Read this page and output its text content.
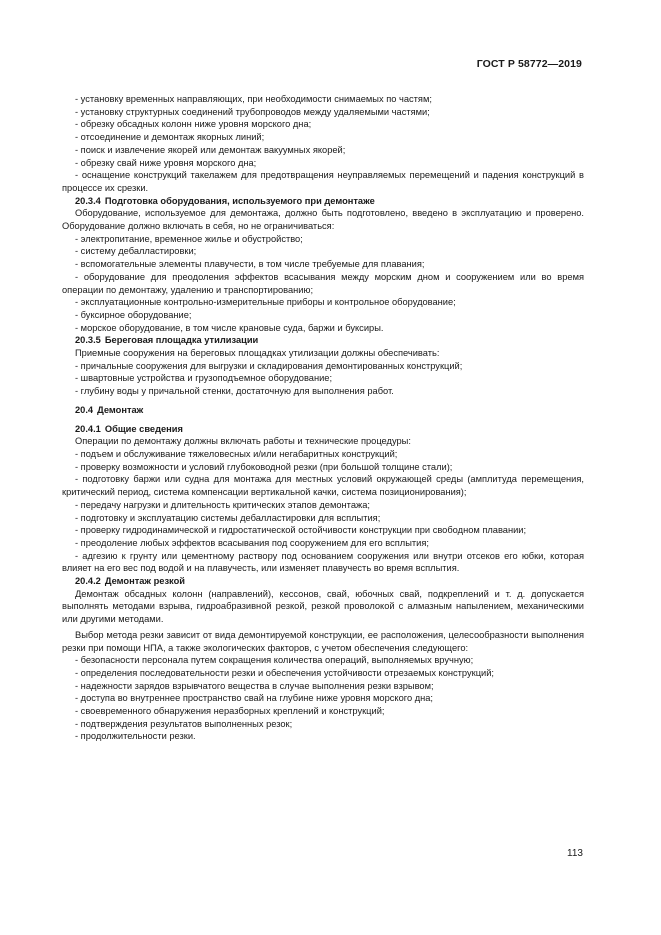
ГОСТ Р 58772—2019

- установку временных направляющих, при необходимости снимаемых по частям;

- установку структурных соединений трубопроводов между удаляемыми частями;

- обрезку обсадных колонн ниже уровня морского дна;

- отсоединение и демонтаж якорных линий;

- поиск и извлечение якорей или демонтаж вакуумных якорей;

- обрезку свай ниже уровня морского дна;

- оснащение конструкций такелажем для предотвращения неуправляемых перемещений и падения конструкций в процессе их срезки.

20.3.4 Подготовка оборудования, используемого при демонтаже

Оборудование, используемое для демонтажа, должно быть подготовлено, введено в эксплуатацию и проверено. Оборудование должно включать в себя, но не ограничиваться:

- электропитание, временное жилье и обустройство;

- систему дебалластировки;

- вспомогательные элементы плавучести, в том числе требуемые для плавания;

- оборудование для преодоления эффектов всасывания между морским дном и сооружением или во время операции по демонтажу, удалению и транспортированию;

- эксплуатационные контрольно-измерительные приборы и контрольное оборудование;

- буксирное оборудование;

- морское оборудование, в том числе крановые суда, баржи и буксиры.

20.3.5 Береговая площадка утилизации

Приемные сооружения на береговых площадках утилизации должны обеспечивать:

- причальные сооружения для выгрузки и складирования демонтированных конструкций;

- швартовные устройства и грузоподъемное оборудование;

- глубину воды у причальной стенки, достаточную для выполнения работ.

20.4 Демонтаж

20.4.1 Общие сведения

Операции по демонтажу должны включать работы и технические процедуры:

- подъем и обслуживание тяжеловесных и/или негабаритных конструкций;

- проверку возможности и условий глубоководной резки (при большой толщине стали);

- подготовку баржи или судна для монтажа для местных условий окружающей среды (амплитуда перемещения, критический период, система компенсации вертикальной качки, система позиционирования);

- передачу нагрузки и длительность критических этапов демонтажа;

- подготовку и эксплуатацию системы дебалластировки для всплытия;

- проверку гидродинамической и гидростатической остойчивости конструкции при свободном плавании;

- преодоление любых эффектов всасывания под сооружением для его всплытия;

- адгезию к грунту или цементному раствору под основанием сооружения или внутри отсеков его юбки, которая влияет на его вес под водой и на плавучесть, или изменяет плавучесть во время всплытия.

20.4.2 Демонтаж резкой

Демонтаж обсадных колонн (направлений), кессонов, свай, юбочных свай, подкреплений и т. д. допускается выполнять методами взрыва, гидроабразивной резкой, резкой проволокой с алмазным напылением, механическими или другими методами.

Выбор метода резки зависит от вида демонтируемой конструкции, ее расположения, целесообразности выполнения резки при помощи НПА, а также экологических факторов, с учетом обеспечения следующего:

- безопасности персонала путем сокращения количества операций, выполняемых вручную;

- определения последовательности резки и обеспечения устойчивости отрезаемых конструкций;

- надежности зарядов взрывчатого вещества в случае выполнения резки взрывом;

- доступа во внутреннее пространство свай на глубине ниже уровня морского дна;

- своевременного обнаружения неразборных креплений и конструкций;

- подтверждения результатов выполненных резок;

- продолжительности резки.

113
